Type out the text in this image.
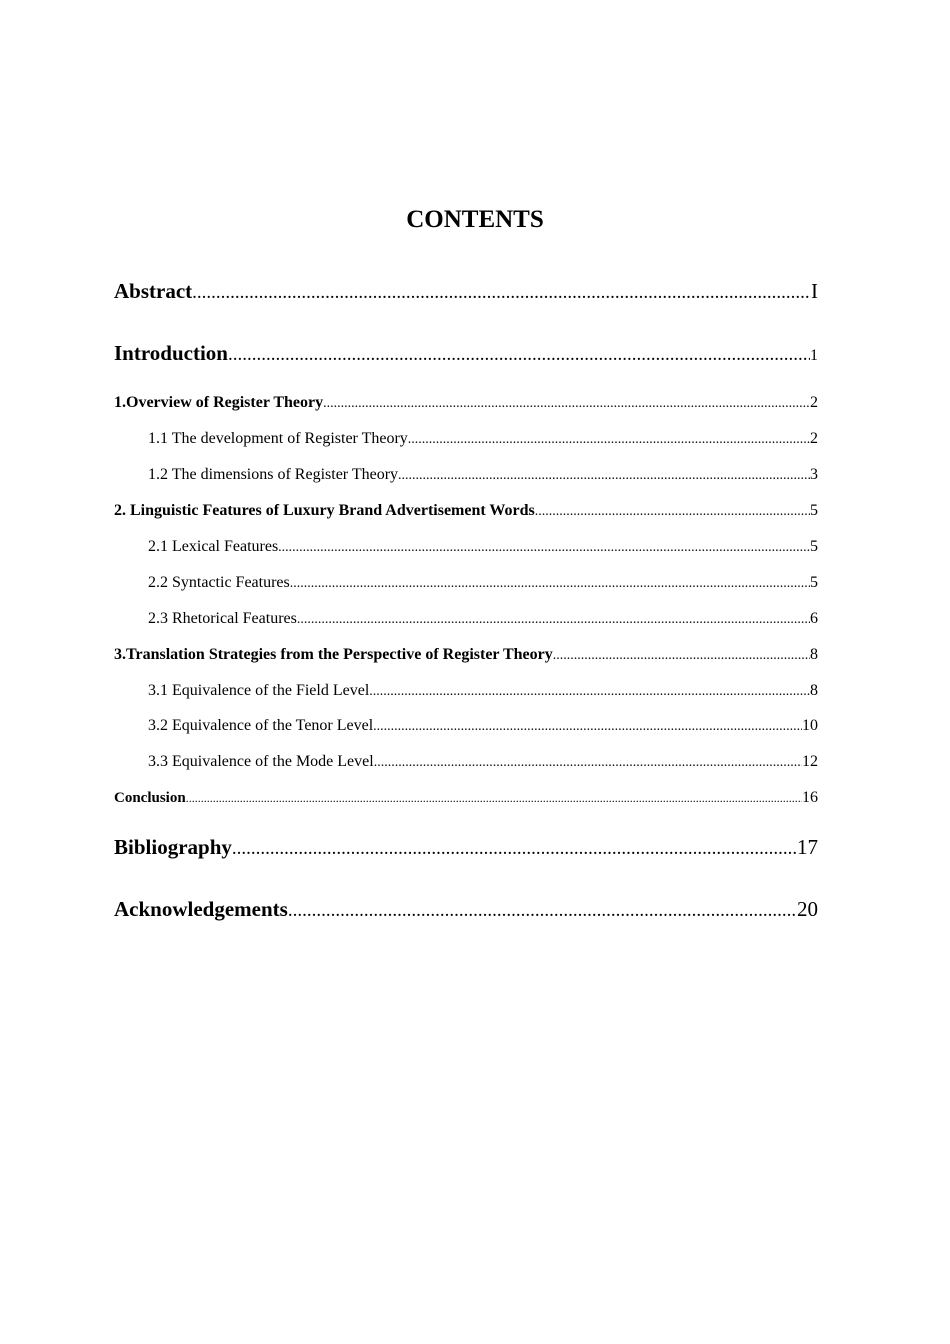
CONTENTS
Abstract .....	I
Introduction .....	1
1.Overview of Register Theory .....	2
1.1 The development of Register Theory .....	2
1.2 The dimensions of Register Theory .....	3
2. Linguistic Features of Luxury Brand Advertisement Words .....	5
2.1 Lexical Features .....	5
2.2 Syntactic Features .....	5
2.3 Rhetorical Features .....	6
3.Translation Strategies from the Perspective of Register Theory .....	8
3.1 Equivalence of the Field Level .....	8
3.2 Equivalence of the Tenor Level .....	10
3.3 Equivalence of the Mode Level .....	12
Conclusion .....	16
Bibliography .....	17
Acknowledgements .....	20
